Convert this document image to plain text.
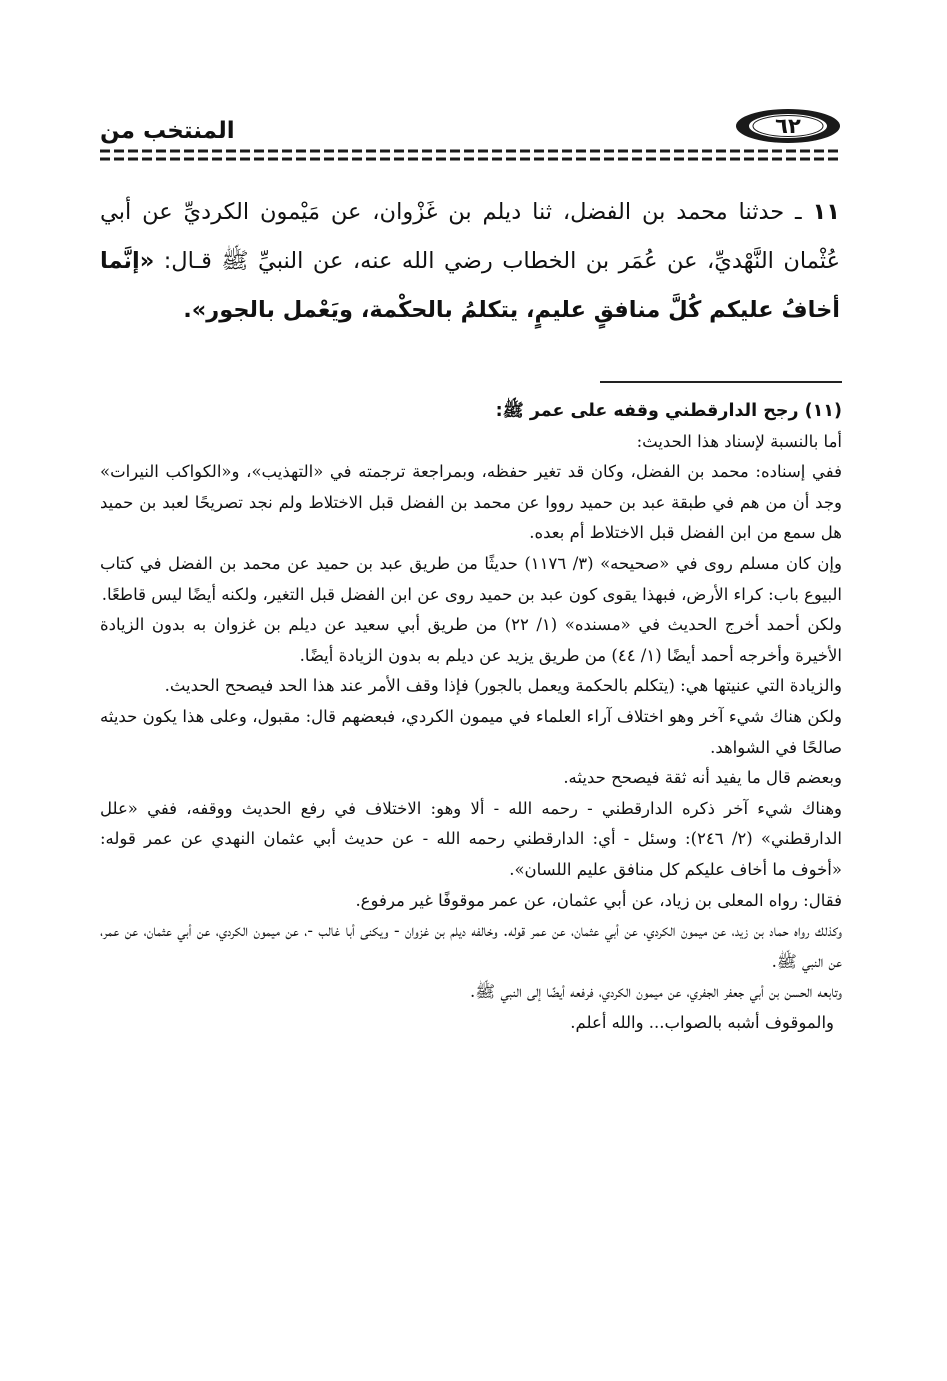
المنتخب من	٦٢
١١ ـ حدثنا محمد بن الفضل، ثنا ديلم بن غَزْوان، عن مَيْمون الكرديِّ عن أبي عُثْمان النَّهْديِّ، عن عُمَر بن الخطاب رضي الله عنه، عن النبيِّ ﷺ قـال: «إنَّما أخافُ عليكم كُلَّ منافقٍ عليمٍ، يتكلمُ بالحكْمة، ويَعْمل بالجور».
(١١) رجح الدارقطني وقفه على عمر ﷺ:

أما بالنسبة لإسناد هذا الحديث:

ففي إسناده: محمد بن الفضل، وكان قد تغير حفظه، وبمراجعة ترجمته في «التهذيب»، و«الكواكب النيرات» وجد أن من هم في طبقة عبد بن حميد رووا عن محمد بن الفضل قبل الاختلاط ولم نجد تصريحًا لعبد بن حميد هل سمع من ابن الفضل قبل الاختلاط أم بعده.

وإن كان مسلم روى في «صحيحه» (٣/ ١١٧٦) حديثًا من طريق عبد بن حميد عن محمد بن الفضل في كتاب البيوع باب: كراء الأرض، فبهذا يقوى كون عبد بن حميد روى عن ابن الفضل قبل التغير، ولكنه أيضًا ليس قاطعًا.

ولكن أحمد أخرج الحديث في «مسنده» (١/ ٢٢) من طريق أبي سعيد عن ديلم بن غزوان به بدون الزيادة الأخيرة وأخرجه أحمد أيضًا (١/ ٤٤) من طريق يزيد عن ديلم به بدون الزيادة أيضًا.

والزيادة التي عنيتها هي: (يتكلم بالحكمة ويعمل بالجور) فإذا وقف الأمر عند هذا الحد فيصحح الحديث.

ولكن هناك شيء آخر وهو اختلاف آراء العلماء في ميمون الكردي، فبعضهم قال: مقبول، وعلى هذا يكون حديثه صالحًا في الشواهد.

وبعضم قال ما يفيد أنه ثقة فيصحح حديثه.

وهناك شيء آخر ذكره الدارقطني - رحمه الله - ألا وهو: الاختلاف في رفع الحديث ووقفه، ففي «علل الدارقطني» (٢/ ٢٤٦): وسئل - أي: الدارقطني رحمه الله - عن حديث أبي عثمان النهدي عن عمر قوله: «أخوف ما أخاف عليكم كل منافق عليم اللسان».

فقال: رواه المعلى بن زياد، عن أبي عثمان، عن عمر موقوفًا غير مرفوع.

وكذلك رواه حماد بن زيد، عن ميمون الكردي، عن أبي عثمان، عن عمر قوله. وخالفه ديلم بن غزوان - ويكنى أبا غالب -، عن ميمون الكردي، عن أبي عثمان، عن عمر، عن النبي ﷺ.

وتابعه الحسن بن أبي جعفر الجفري، عن ميمون الكردي، فرفعه أيضًا إلى النبي ﷺ.

والموقوف أشبه بالصواب... والله أعلم.
